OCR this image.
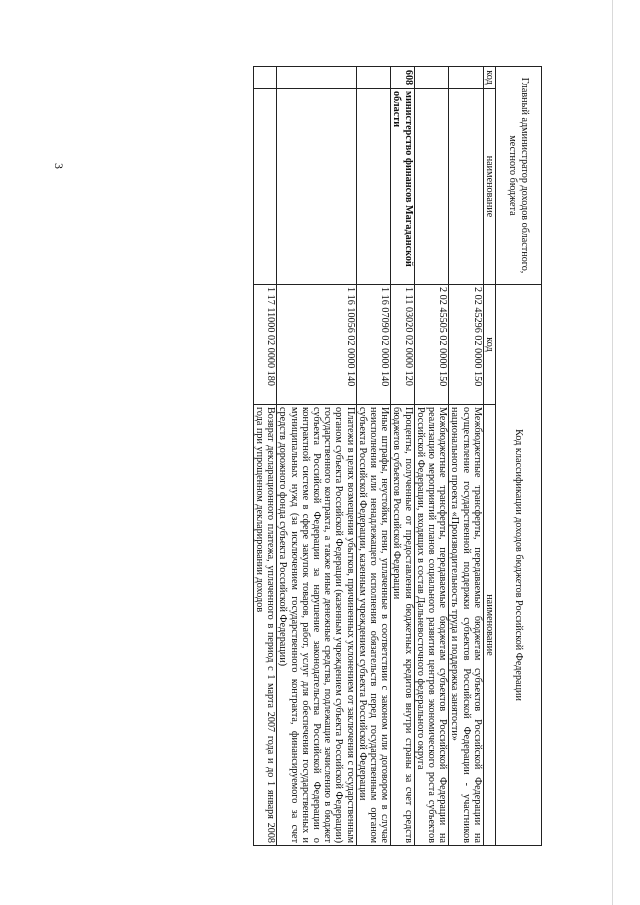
3	Главный администратор доходов областного, местного бюджета		Код классификации доходов бюджетов Российской Федерации	
код	наименование	код	наименование
		2 02 45296 02 0000 150	Межбюджетные трансферты, передаваемые бюджетам субъектов Российской Федерации на осуществление государственной поддержки субъектов Российской Федерации - участников национального проекта «Производительность труда и поддержка занятости»
		2 02 45505 02 0000 150	Межбюджетные трансферты, передаваемые бюджетам субъектов Российской Федерации на реализацию мероприятий планов социального развития центров экономического роста субъектов Российской Федерации, входящих в состав Дальневосточного федерального округа
608	министерство финансов Магаданской области	1 11 03020 02 0000 120	Проценты, полученные от предоставления бюджетных кредитов внутри страны за счет средств бюджетов субъектов Российской Федерации
		1 16 07090 02 0000 140	Иные штрафы, неустойки, пени, уплаченные в соответствии с законом или договором в случае неисполнения или ненадлежащего исполнения обязательств перед государственным органом субъекта Российской Федерации, казенным учреждением субъекта Российской Федерации
		1 16 10056 02 0000 140	Платежи в целях возмещения убытков, причиненных уклонением от заключения с государственным органом субъекта Российской Федерации (казенным учреждением субъекта Российской Федерации) государственного контракта, а также иные денежные средства, подлежащие зачислению в бюджет субъекта Российской Федерации за нарушение законодательства Российской Федерации о контрактной системе в сфере закупок товаров, работ, услуг для обеспечения государственных и муниципальных нужд (за исключением государственного контракта, финансируемого за счет средств дорожного фонда субъекта Российской Федерации)
		1 17 11000 02 0000 180	Возврат декларационного платежа, уплаченного в период с 1 марта 2007 года и до 1 января 2008 года при упрощенном декларировании доходов
